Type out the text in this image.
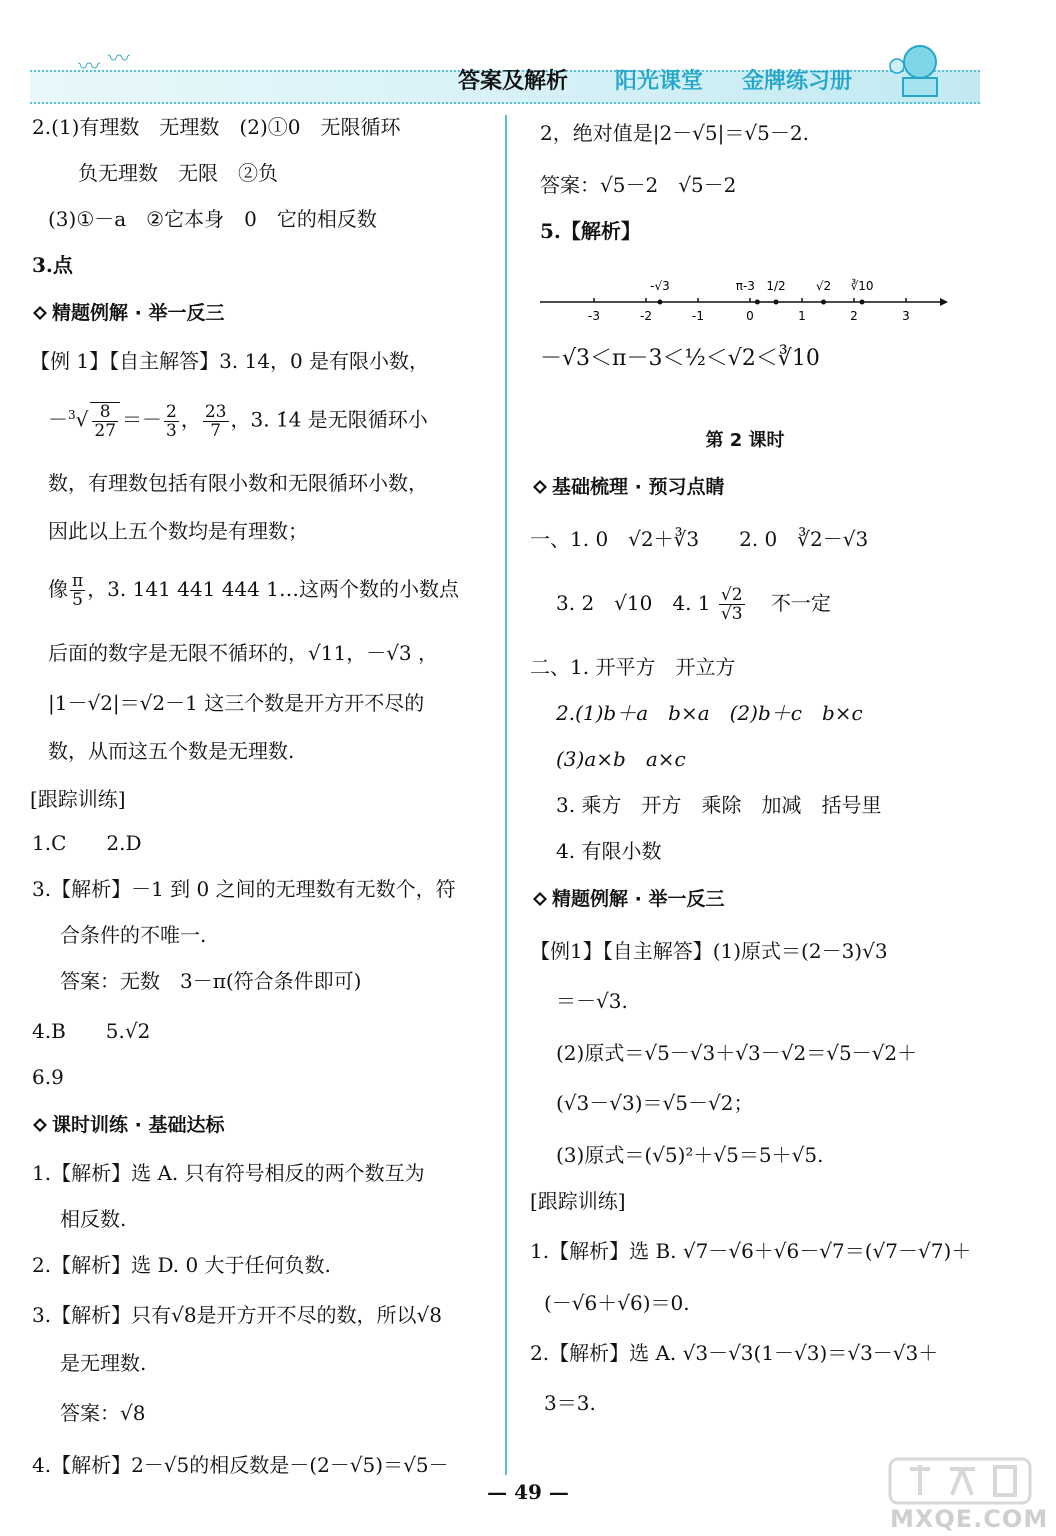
〰 〰
答案及解析 阳光课堂 金牌练习册
2.(1)有理数　无理数　(2)①0　无限循环
负无理数　无限　②负
(3)①－a　②它本身　0　它的相反数
3.点
精题例解 · 举一反三
【例 1】【自主解答】3. 14，0 是有限小数，
$-^3√ \frac{8}{27} =- \frac{2}{3}$ ， $\frac{23}{7}$ ，3. 1̇4̇ 是无限循环小
数，有理数包括有限小数和无限循环小数，
因此以上五个数均是有理数；
像 $\frac{\pi}{5}$ ，3. 141 441 444 1…这两个数的小数点
后面的数字是无限不循环的，√11，－√3 ，
|1－√2|＝√2－1 这三个数是开方开不尽的
数，从而这五个数是无理数.
[跟踪训练]
1.C　　2.D
3.【解析】－1 到 0 之间的无理数有无数个，符
合条件的不唯一.
答案：无数　3－π(符合条件即可)
4.B　　5.√2
6.9
课时训练 · 基础达标
1.【解析】选 A. 只有符号相反的两个数互为
相反数.
2.【解析】选 D. 0 大于任何负数.
3.【解析】只有√8是开方开不尽的数，所以√8
是无理数.
答案：√8
4.【解析】2－√5的相反数是－(2－√5)＝√5－
2，绝对值是|2－√5|＝√5－2.
答案：√5－2　√5－2
5.【解析】
-3	-2	-1	0	1	2	3
-√3	π-3 1/2	√2 ∛10
－√3＜π－3＜½＜√2＜∛10
第 2 课时
基础梳理 · 预习点睛
一、1. 0　√2＋∛3　　2. 0　∛2－√3
3. 2　√10　4. $1 \frac{√2}{√3}$ 不一定
二、1. 开平方　开立方
2.(1)b＋a　b×a　(2)b＋c　b×c
(3)a×b　a×c
3. 乘方　开方　乘除　加减　括号里
4. 有限小数
精题例解 · 举一反三
【例1】【自主解答】(1)原式＝(2－3)√3
＝－√3.
(2)原式＝√5－√3＋√3－√2＝√5－√2＋
(√3－√3)＝√5－√2；
(3)原式＝(√5)²＋√5＝5＋√5.
[跟踪训练]
1.【解析】选 B. √7－√6＋√6－√7＝(√7－√7)＋
(－√6＋√6)＝0.
2.【解析】选 A. √3－√3(1－√3)＝√3－√3＋
3＝3.
— 49 —
MXQE.COM
